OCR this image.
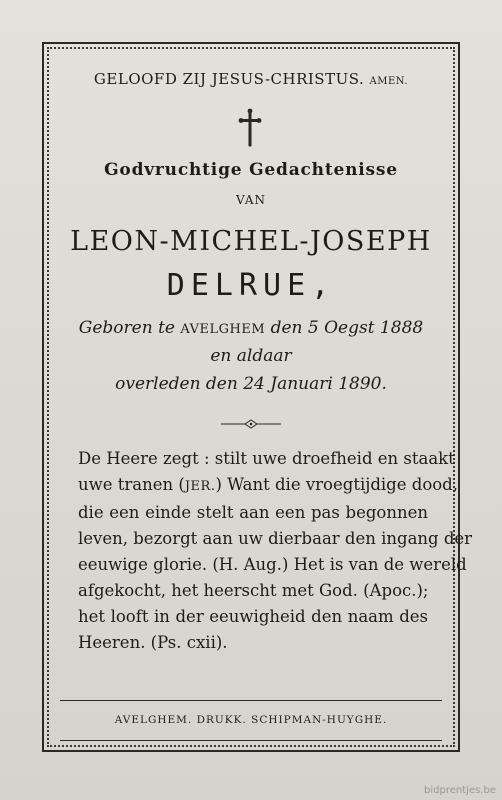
GELOOFD ZIJ JESUS-CHRISTUS. AMEN.
Godvruchtige Gedachtenisse
VAN
LEON-MICHEL-JOSEPH
DELRUE,
Geboren te AVELGHEM den 5 Oegst 1888
en aldaar
overleden den 24 Januari 1890.
De Heere zegt : stilt uwe droefheid en staakt
uwe tranen (JER.) Want die vroegtijdige dood,
die een einde stelt aan een pas begonnen
leven, bezorgt aan uw dierbaar den ingang der
eeuwige glorie. (H. Aug.) Het is van de wereld
afgekocht, het heerscht met God. (Apoc.);
het looft in der eeuwigheid den naam des
Heeren. (Ps. cxii).
AVELGHEM. DRUKK. SCHIPMAN-HUYGHE.
bidprentjes.be
